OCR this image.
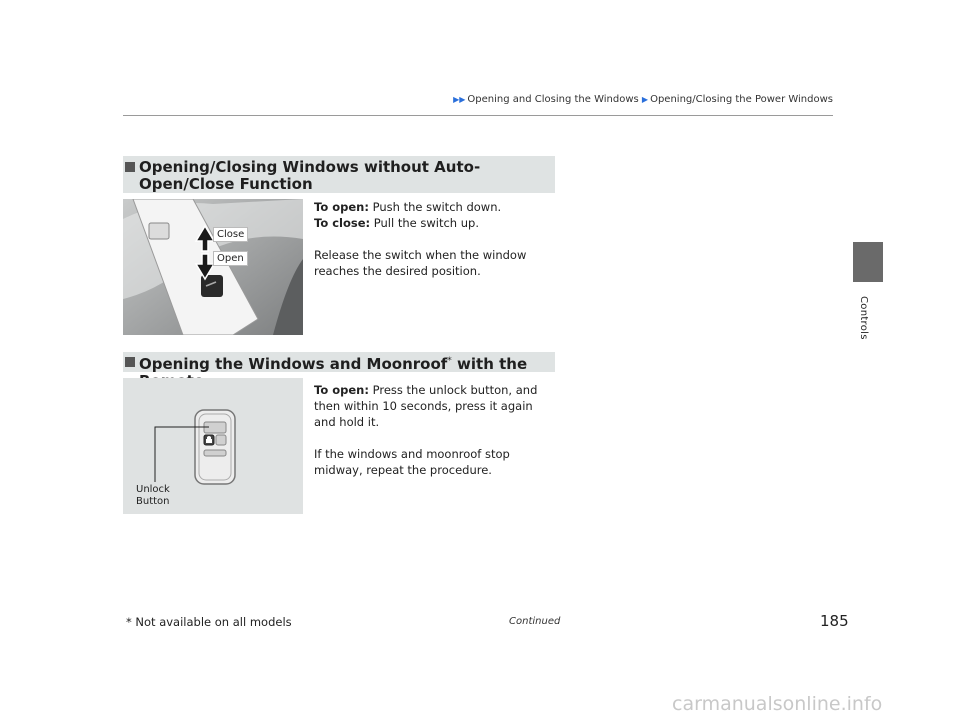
▶▶ Opening and Closing the Windows ▶ Opening/Closing the Power Windows
Controls
Opening/Closing Windows without Auto-Open/Close Function
Close
Open
To open: Push the switch down.
To close: Pull the switch up.
Release the switch when the window reaches the desired position.
Opening the Windows and Moonroof* with the
Unlock
Button
To open: Press the unlock button, and then within 10 seconds, press it again and hold it.
If the windows and moonroof stop midway, repeat the procedure.
Continued	185
* Not available on all models
carmanualsonline.info
